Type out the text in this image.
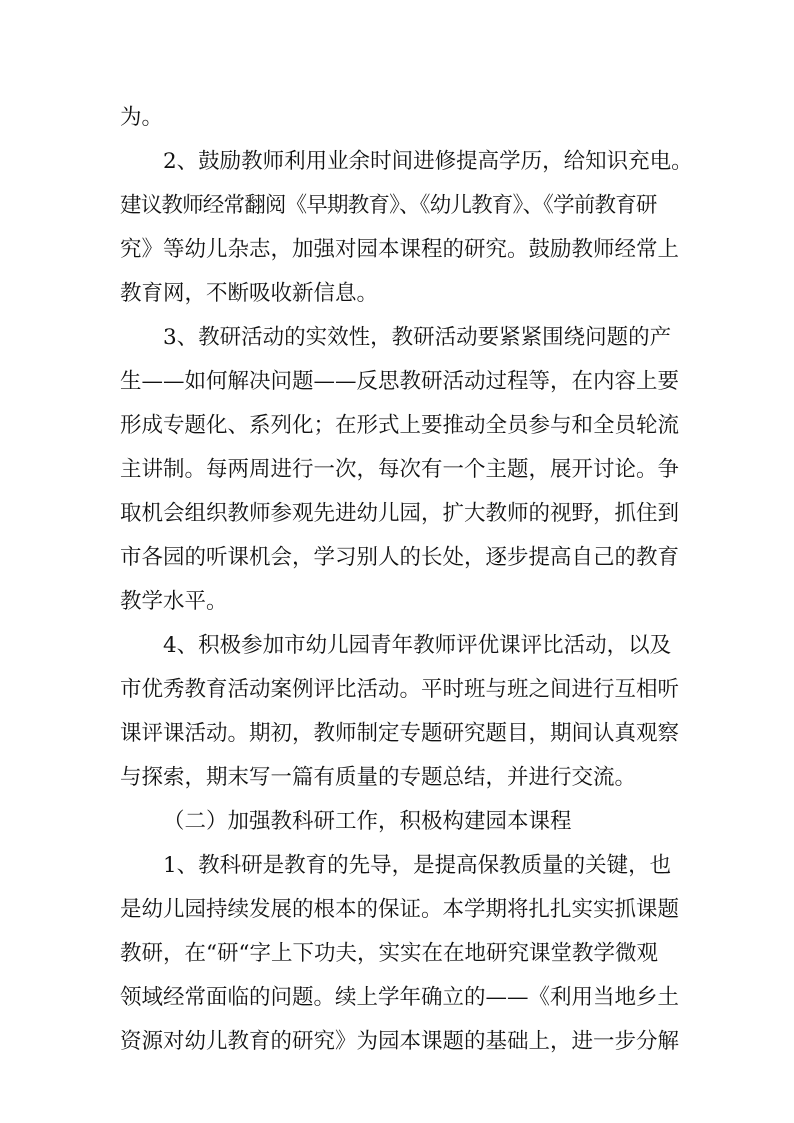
为。
2、鼓励教师利用业余时间进修提高学历，给知识充电。
建议教师经常翻阅《早期教育》、《幼儿教育》、《学前教育研
究》等幼儿杂志，加强对园本课程的研究。鼓励教师经常上
教育网，不断吸收新信息。
3、教研活动的实效性，教研活动要紧紧围绕问题的产
生——如何解决问题——反思教研活动过程等，在内容上要
形成专题化、系列化；在形式上要推动全员参与和全员轮流
主讲制。每两周进行一次，每次有一个主题，展开讨论。争
取机会组织教师参观先进幼儿园，扩大教师的视野，抓住到
市各园的听课机会，学习别人的长处，逐步提高自己的教育
教学水平。
4、积极参加市幼儿园青年教师评优课评比活动，以及
市优秀教育活动案例评比活动。平时班与班之间进行互相听
课评课活动。期初，教师制定专题研究题目，期间认真观察
与探索，期末写一篇有质量的专题总结，并进行交流。
（二）加强教科研工作，积极构建园本课程
1、教科研是教育的先导，是提高保教质量的关键，也
是幼儿园持续发展的根本的保证。本学期将扎扎实实抓课题
教研，在“研“字上下功夫，实实在在地研究课堂教学微观
领域经常面临的问题。续上学年确立的——《利用当地乡土
资源对幼儿教育的研究》为园本课题的基础上，进一步分解
